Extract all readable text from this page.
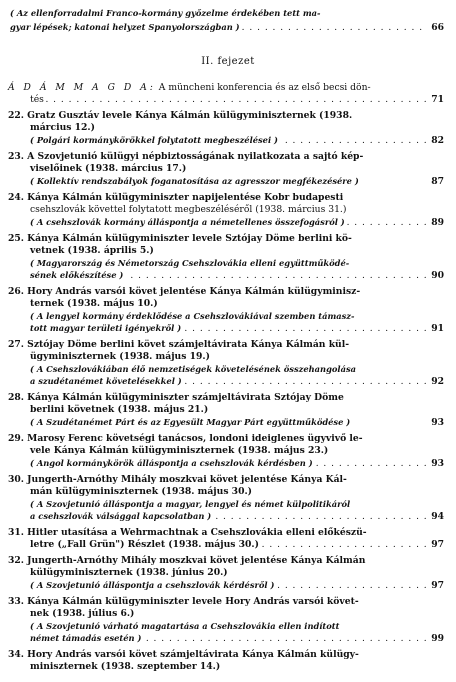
( Az ellenforradalmi Franco-kormány győzelme érdekében tett ma-
. . .
gyar lépések; katonai helyzet Spanyolországban )	66
II. fejezet
Á D Á M M A G D A: A müncheni konferencia és az első becsi dön-
. . .
tés	71
22. Gratz Gusztáv levele Kánya Kálmán külügyminiszternek (1938.
március 12.)
. . .
( Polgári kormánykörökkel folytatott megbeszélései )	82
23. A Szovjetunió külügyi népbiztosságának nyilatkozata a sajtó kép-
viselőinek (1938. március 17.)
( Kollektív rendszabályok foganatosítása az agresszor megfékezésére )	87
24. Kánya Kálmán külügyminiszter napijelentése Kobr budapesti
csehszlovák követtel folytatott megbeszéléséről (1938. március 31.)
. . .
( A csehszlovák kormány álláspontja a németellenes összefogásról )	89
25. Kánya Kálmán külügyminiszter levele Sztójay Döme berlini kö-
vetnek (1938. április 5.)
( Magyarország és Németország Csehszlovákia elleni együttműködé-
. . .
sének előkészítése )	90
26. Hory András varsói követ jelentése Kánya Kálmán külügyminisz-
ternek (1938. május 10.)
( A lengyel kormány érdeklődése a Csehszlovákiával szemben támasz-
. . .
tott magyar területi igényekről )	91
27. Sztójay Döme berlini követ számjeltávirata Kánya Kálmán kül-
ügyminiszternek (1938. május 19.)
( A Csehszlovákiában élő nemzetiségek követelésének összehangolása
. . .
a szudétanémet követelésekkel )	92
28. Kánya Kálmán külügyminiszter számjeltávirata Sztójay Döme
berlini követnek (1938. május 21.)
( A Szudétanémet Párt és az Egyesült Magyar Párt együttműködése )	93
29. Marosy Ferenc követségi tanácsos, londoni ideiglenes ügyvivő le-
vele Kánya Kálmán külügyminiszternek (1938. május 23.)
. . .
( Angol kormánykörök álláspontja a csehszlovák kérdésben )	93
30. Jungerth-Arnóthy Mihály moszkvai követ jelentése Kánya Kál-
mán külügyminiszternek (1938. május 30.)
( A Szovjetunió álláspontja a magyar, lengyel és német külpolitikáról
. . .
a csehszlovák válsággal kapcsolatban )	94
31. Hitler utasítása a Wehrmachtnak a Csehszlovákia elleni előkészü-
. . .
letre („Fall Grün") Részlet (1938. május 30.)	97
32. Jungerth-Arnóthy Mihály moszkvai követ jelentése Kánya Kálmán
külügyminiszternek (1938. június 20.)
. . .
( A Szovjetunió álláspontja a csehszlovák kérdésről )	97
33. Kánya Kálmán külügyminiszter levele Hory András varsói követ-
nek (1938. július 6.)
( A Szovjetunió várható magatartása a Csehszlovákia ellen indított
. . .
német támadás esetén )	99
34. Hory András varsói követ számjeltávirata Kánya Kálmán külügy-
miniszternek (1938. szeptember 14.)
